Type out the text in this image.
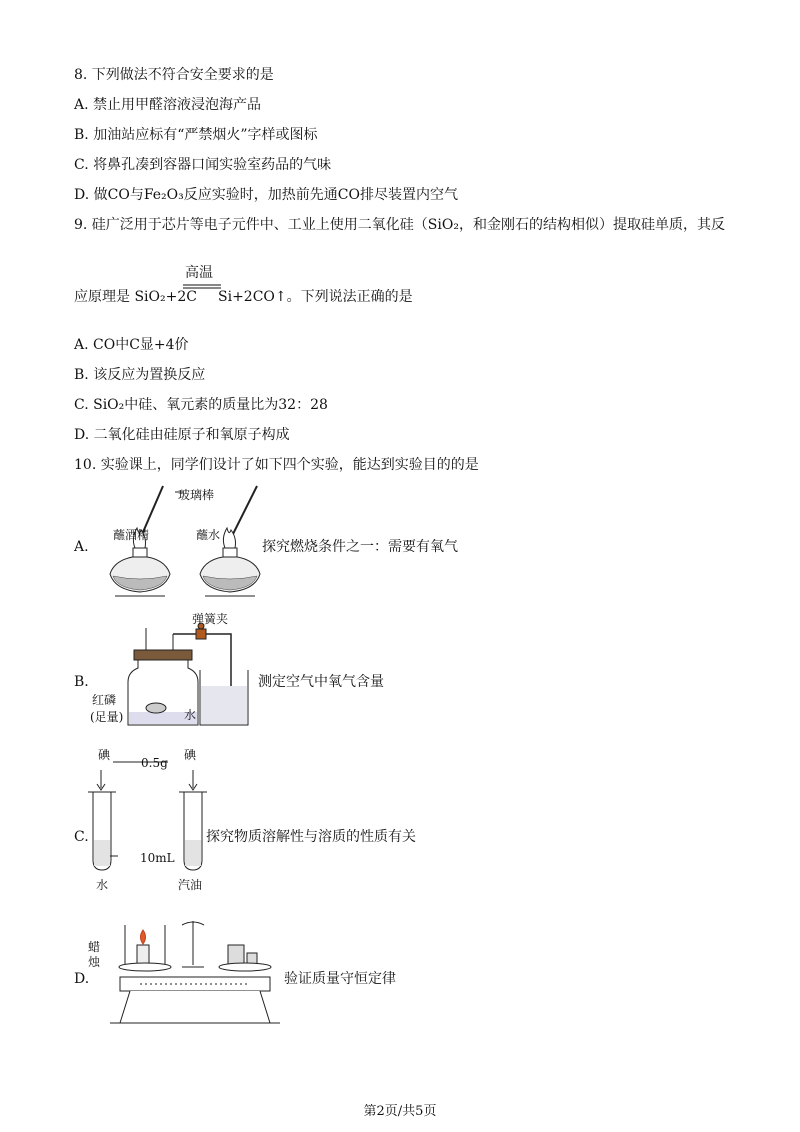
8. 下列做法不符合安全要求的是
A. 禁止用甲醛溶液浸泡海产品
B. 加油站应标有“严禁烟火”字样或图标
C. 将鼻孔凑到容器口闻实验室药品的气味
D. 做CO与Fe₂O₃反应实验时，加热前先通CO排尽装置内空气
9. 硅广泛用于芯片等电子元件中、工业上使用二氧化硅（SiO₂，和金刚石的结构相似）提取硅单质，其反
应原理是 SiO₂+2C
高温
Si+2CO↑。下列说法正确的是
A. CO中C显+4价
B. 该反应为置换反应
C. SiO₂中硅、氧元素的质量比为32：28
D. 二氧化硅由硅原子和氧原子构成
10. 实验课上，同学们设计了如下四个实验，能达到实验目的的是
A.
玻璃棒
蘸酒精	蘸水
探究燃烧条件之一：需要有氧气
B.
弹簧夹
红磷
(足量)	水
测定空气中氧气含量
C.
碘
0.5g
碘
10mL
水	汽油
探究物质溶解性与溶质的性质有关
D.
蜡
烛
验证质量守恒定律
第2页/共5页
